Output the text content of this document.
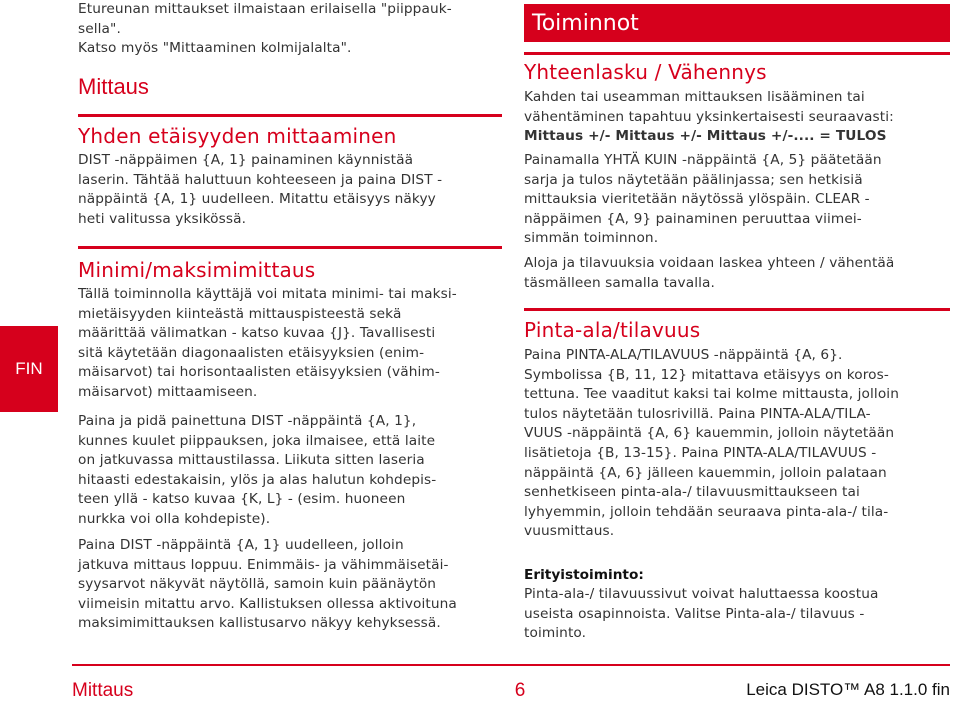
FIN
Etureunan mittaukset ilmaistaan erilaisella "piippauk-
sella".
Katso myös "Mittaaminen kolmijalalta".
Mittaus
Yhden etäisyyden mittaaminen
DIST -näppäimen {A, 1} painaminen käynnistää
laserin. Tähtää haluttuun kohteeseen ja paina DIST -
näppäintä {A, 1} uudelleen. Mitattu etäisyys näkyy
heti valitussa yksikössä.
Minimi/maksimimittaus
Tällä toiminnolla käyttäjä voi mitata minimi- tai maksi-
mietäisyyden kiinteästä mittauspisteestä sekä
määrittää välimatkan - katso kuvaa {J}. Tavallisesti
sitä käytetään diagonaalisten etäisyyksien (enim-
mäisarvot) tai horisontaalisten etäisyyksien (vähim-
mäisarvot) mittaamiseen.
Paina ja pidä painettuna DIST -näppäintä {A, 1},
kunnes kuulet piippauksen, joka ilmaisee, että laite
on jatkuvassa mittaustilassa. Liikuta sitten laseria
hitaasti edestakaisin, ylös ja alas halutun kohdepis-
teen yllä - katso kuvaa {K, L} - (esim. huoneen
nurkka voi olla kohdepiste).
Paina DIST -näppäintä {A, 1} uudelleen, jolloin
jatkuva mittaus loppuu. Enimmäis- ja vähimmäisetäi-
syysarvot näkyvät näytöllä, samoin kuin päänäytön
viimeisin mitattu arvo. Kallistuksen ollessa aktivoituna
maksimimittauksen kallistusarvo näkyy kehyksessä.
Toiminnot
Yhteenlasku / Vähennys
Kahden tai useamman mittauksen lisääminen tai
vähentäminen tapahtuu yksinkertaisesti seuraavasti:
Mittaus +/- Mittaus +/- Mittaus +/-.... = TULOS
Painamalla YHTÄ KUIN -näppäintä {A, 5} päätetään
sarja ja tulos näytetään päälinjassa; sen hetkisiä
mittauksia vieritetään näytössä ylöspäin. CLEAR -
näppäimen {A, 9} painaminen peruuttaa viimei-
simmän toiminnon.
Aloja ja tilavuuksia voidaan laskea yhteen / vähentää
täsmälleen samalla tavalla.
Pinta-ala/tilavuus
Paina PINTA-ALA/TILAVUUS -näppäintä {A, 6}.
Symbolissa {B, 11, 12} mitattava etäisyys on koros-
tettuna. Tee vaaditut kaksi tai kolme mittausta, jolloin
tulos näytetään tulosrivillä. Paina PINTA-ALA/TILA-
VUUS -näppäintä {A, 6} kauemmin, jolloin näytetään
lisätietoja {B, 13-15}. Paina PINTA-ALA/TILAVUUS -
näppäintä {A, 6} jälleen kauemmin, jolloin palataan
senhetkiseen pinta-ala-/ tilavuusmittaukseen tai
lyhyemmin, jolloin tehdään seuraava pinta-ala-/ tila-
vuusmittaus.
Erityistoiminto:
Pinta-ala-/ tilavuussivut voivat haluttaessa koostua
useista osapinnoista. Valitse Pinta-ala-/ tilavuus -
toiminto.
Mittaus	6	Leica DISTO™ A8 1.1.0 fin
